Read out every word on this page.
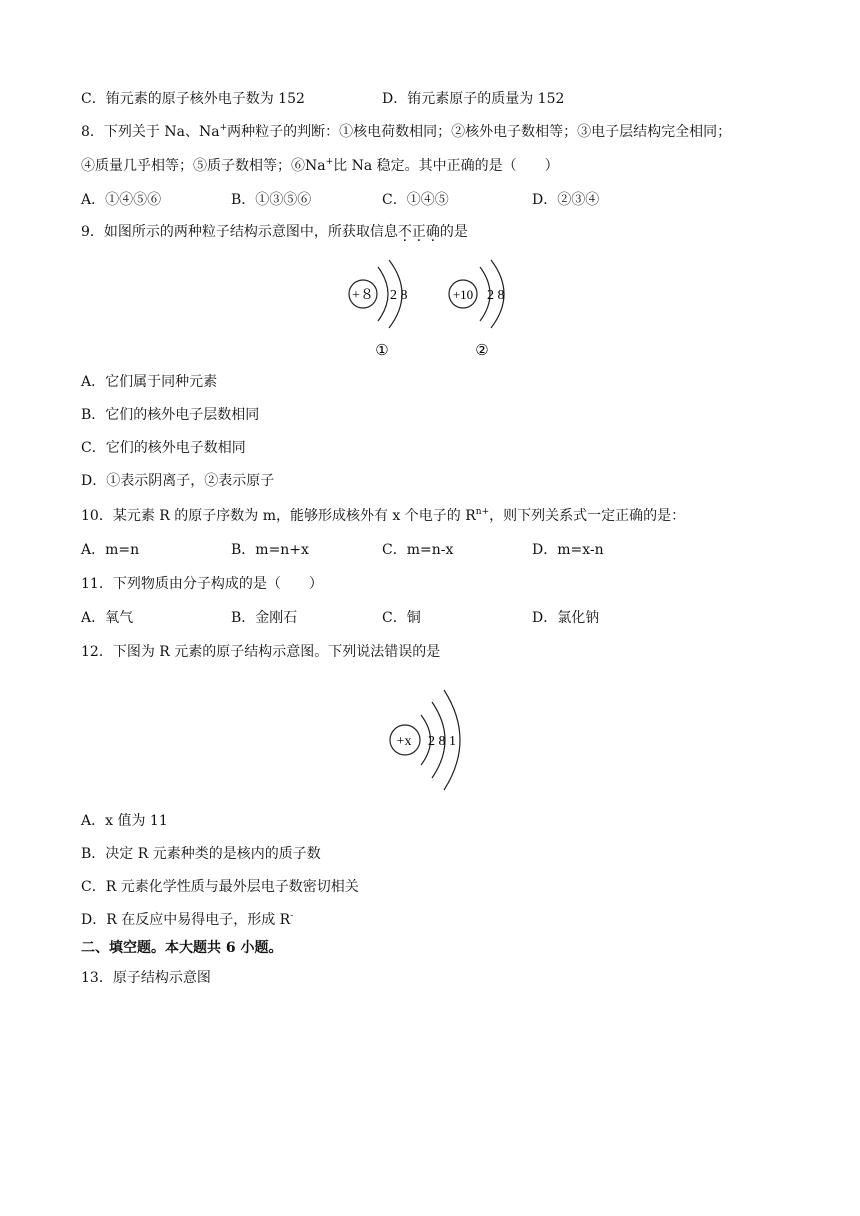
C．铕元素的原子核外电子数为 152	D．铕元素原子的质量为 152
8．下列关于 Na、Na+两种粒子的判断：①核电荷数相同；②核外电子数相等；③电子层结构完全相同；
④质量几乎相等；⑤质子数相等；⑥Na+比 Na 稳定。其中正确的是（　　）
A．①④⑤⑥	B．①③⑤⑥	C．①④⑤	D．②③④
9．如图所示的两种粒子结构示意图中，所获取信息不正确的是
+８ 2 8
①
+10 2 8
②
A．它们属于同种元素
B．它们的核外电子层数相同
C．它们的核外电子数相同
D．①表示阴离子，②表示原子
10．某元素 R 的原子序数为 m，能够形成核外有 x 个电子的 $R^{n+}$，则下列关系式一定正确的是：
A．m=n	B．m=n+x	C．m=n-x	D．m=x-n
11．下列物质由分子构成的是（　　）
A．氧气	B．金刚石	C．铜	D．氯化钠
12．下图为 R 元素的原子结构示意图。下列说法错误的是
+x 2 8 1
A．x 值为 11
B．决定 R 元素种类的是核内的质子数
C．R 元素化学性质与最外层电子数密切相关
D．R 在反应中易得电子，形成 R-
二、填空题。本大题共 6 小题。
13．原子结构示意图
